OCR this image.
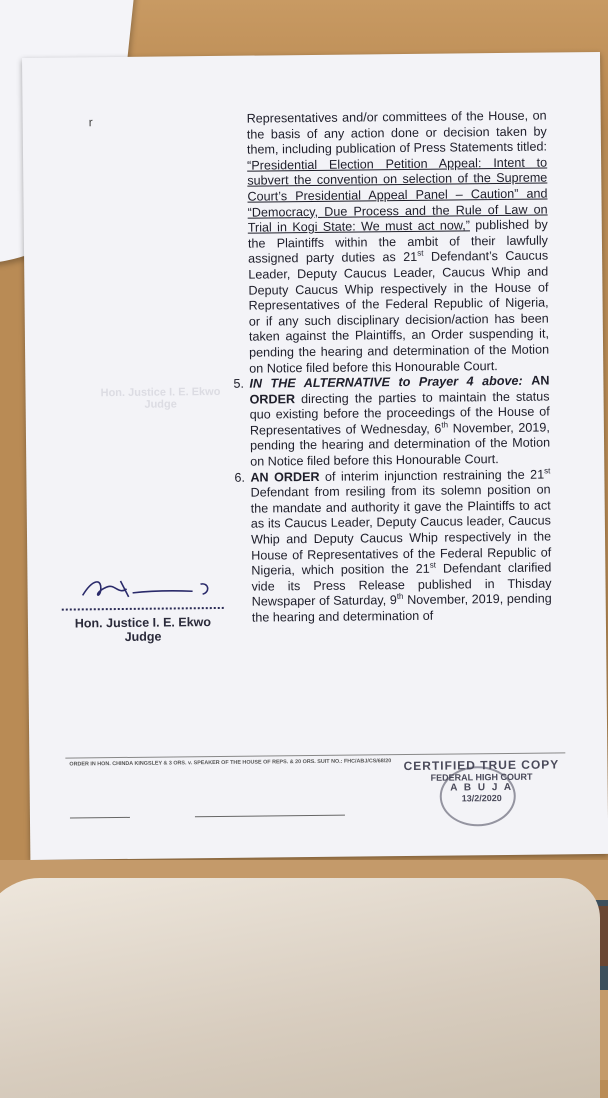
r
Hon. Justice I. E. Ekwo
Judge

Representatives and/or committees of the House, on the basis of any action done or decision taken by them, including publication of Press Statements titled: “Presidential Election Petition Appeal: Intent to subvert the convention on selection of the Supreme Court’s Presidential Appeal Panel – Caution” and “Democracy, Due Process and the Rule of Law on Trial in Kogi State: We must act now,” published by the Plaintiffs within the ambit of their lawfully assigned party duties as 21st Defendant’s Caucus Leader, Deputy Caucus Leader, Caucus Whip and Deputy Caucus Whip respectively in the House of Representatives of the Federal Republic of Nigeria, or if any such disciplinary decision/action has been taken against the Plaintiffs, an Order suspending it, pending the hearing and determination of the Motion on Notice filed before this Honourable Court.

5. IN THE ALTERNATIVE to Prayer 4 above: AN ORDER directing the parties to maintain the status quo existing before the proceedings of the House of Representatives of Wednesday, 6th November, 2019, pending the hearing and determination of the Motion on Notice filed before this Honourable Court.

6. AN ORDER of interim injunction restraining the 21st Defendant from resiling from its solemn position on the mandate and authority it gave the Plaintiffs to act as its Caucus Leader, Deputy Caucus leader, Caucus Whip and Deputy Caucus Whip respectively in the House of Representatives of the Federal Republic of Nigeria, which position the 21st Defendant clarified vide its Press Release published in Thisday Newspaper of Saturday, 9th November, 2019, pending the hearing and determination of

Hon. Justice I. E. Ekwo
Judge
ORDER IN HON. CHINDA KINGSLEY & 3 ORS. v. SPEAKER OF THE HOUSE OF REPS. & 20 ORS. SUIT NO.: FHC/ABJ/CS/68/20	CERTIFIED TRUE COPY
FEDERAL HIGH COURT
A B U J A
13/2/2020
